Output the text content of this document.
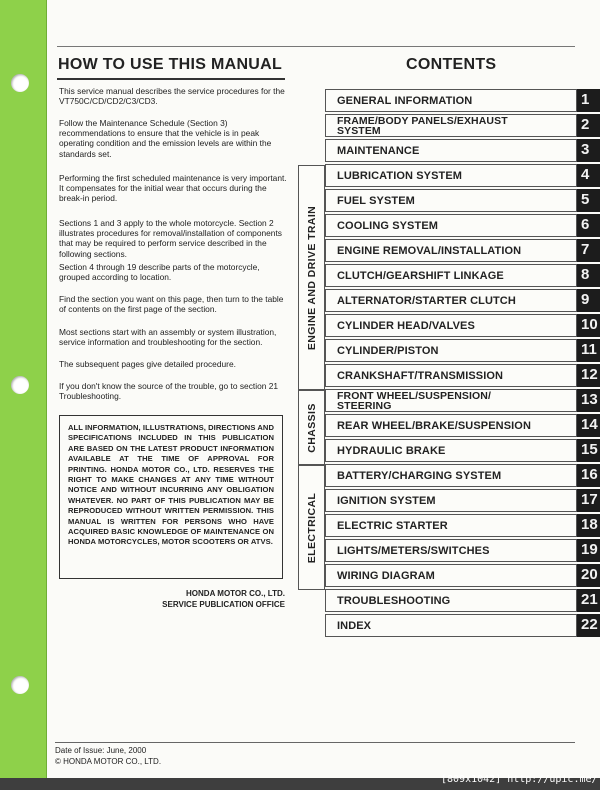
HOW TO USE THIS MANUAL

This service manual describes the service procedures for the VT750C/CD/CD2/C3/CD3.

Follow the Maintenance Schedule (Section 3) recommendations to ensure that the vehicle is in peak operating condition and the emission levels are within the standards set.

Performing the first scheduled maintenance is very important. It compensates for the initial wear that occurs during the break-in period.

Sections 1 and 3 apply to the whole motorcycle. Section 2 illustrates procedures for removal/installation of components that may be required to perform service described in the following sections.

Section 4 through 19 describe parts of the motorcycle, grouped according to location.

Find the section you want on this page, then turn to the table of contents on the first page of the section.

Most sections start with an assembly or system illustration, service information and troubleshooting for the section.

The subsequent pages give detailed procedure.

If you don't know the source of the trouble, go to section 21 Troubleshooting.

ALL INFORMATION, ILLUSTRATIONS, DIRECTIONS AND SPECIFICATIONS INCLUDED IN THIS PUBLICATION ARE BASED ON THE LATEST PRODUCT INFORMATION AVAILABLE AT THE TIME OF APPROVAL FOR PRINTING. HONDA MOTOR CO., LTD. RESERVES THE RIGHT TO MAKE CHANGES AT ANY TIME WITHOUT NOTICE AND WITHOUT INCURRING ANY OBLIGATION WHATEVER. NO PART OF THIS PUBLICATION MAY BE REPRODUCED WITHOUT WRITTEN PERMISSION. THIS MANUAL IS WRITTEN FOR PERSONS WHO HAVE ACQUIRED BASIC KNOWLEDGE OF MAINTENANCE ON HONDA MOTORCYCLES, MOTOR SCOOTERS OR ATVS.
HONDA MOTOR CO., LTD.
SERVICE PUBLICATION OFFICE
Date of Issue: June, 2000
© HONDA MOTOR CO., LTD.
CONTENTS
ENGINE AND DRIVE TRAIN
CHASSIS
ELECTRICAL
GENERAL INFORMATION	1
FRAME/BODY PANELS/EXHAUST
SYSTEM	2
MAINTENANCE	3
LUBRICATION SYSTEM	4
FUEL SYSTEM	5
COOLING SYSTEM	6
ENGINE REMOVAL/INSTALLATION	7
CLUTCH/GEARSHIFT LINKAGE	8
ALTERNATOR/STARTER CLUTCH	9
CYLINDER HEAD/VALVES	10
CYLINDER/PISTON	11
CRANKSHAFT/TRANSMISSION	12
FRONT WHEEL/SUSPENSION/
STEERING	13
REAR WHEEL/BRAKE/SUSPENSION	14
HYDRAULIC BRAKE	15
BATTERY/CHARGING SYSTEM	16
IGNITION SYSTEM	17
ELECTRIC STARTER	18
LIGHTS/METERS/SWITCHES	19
WIRING DIAGRAM	20
TROUBLESHOOTING	21
INDEX	22
[809x1042] http://upic.me/
